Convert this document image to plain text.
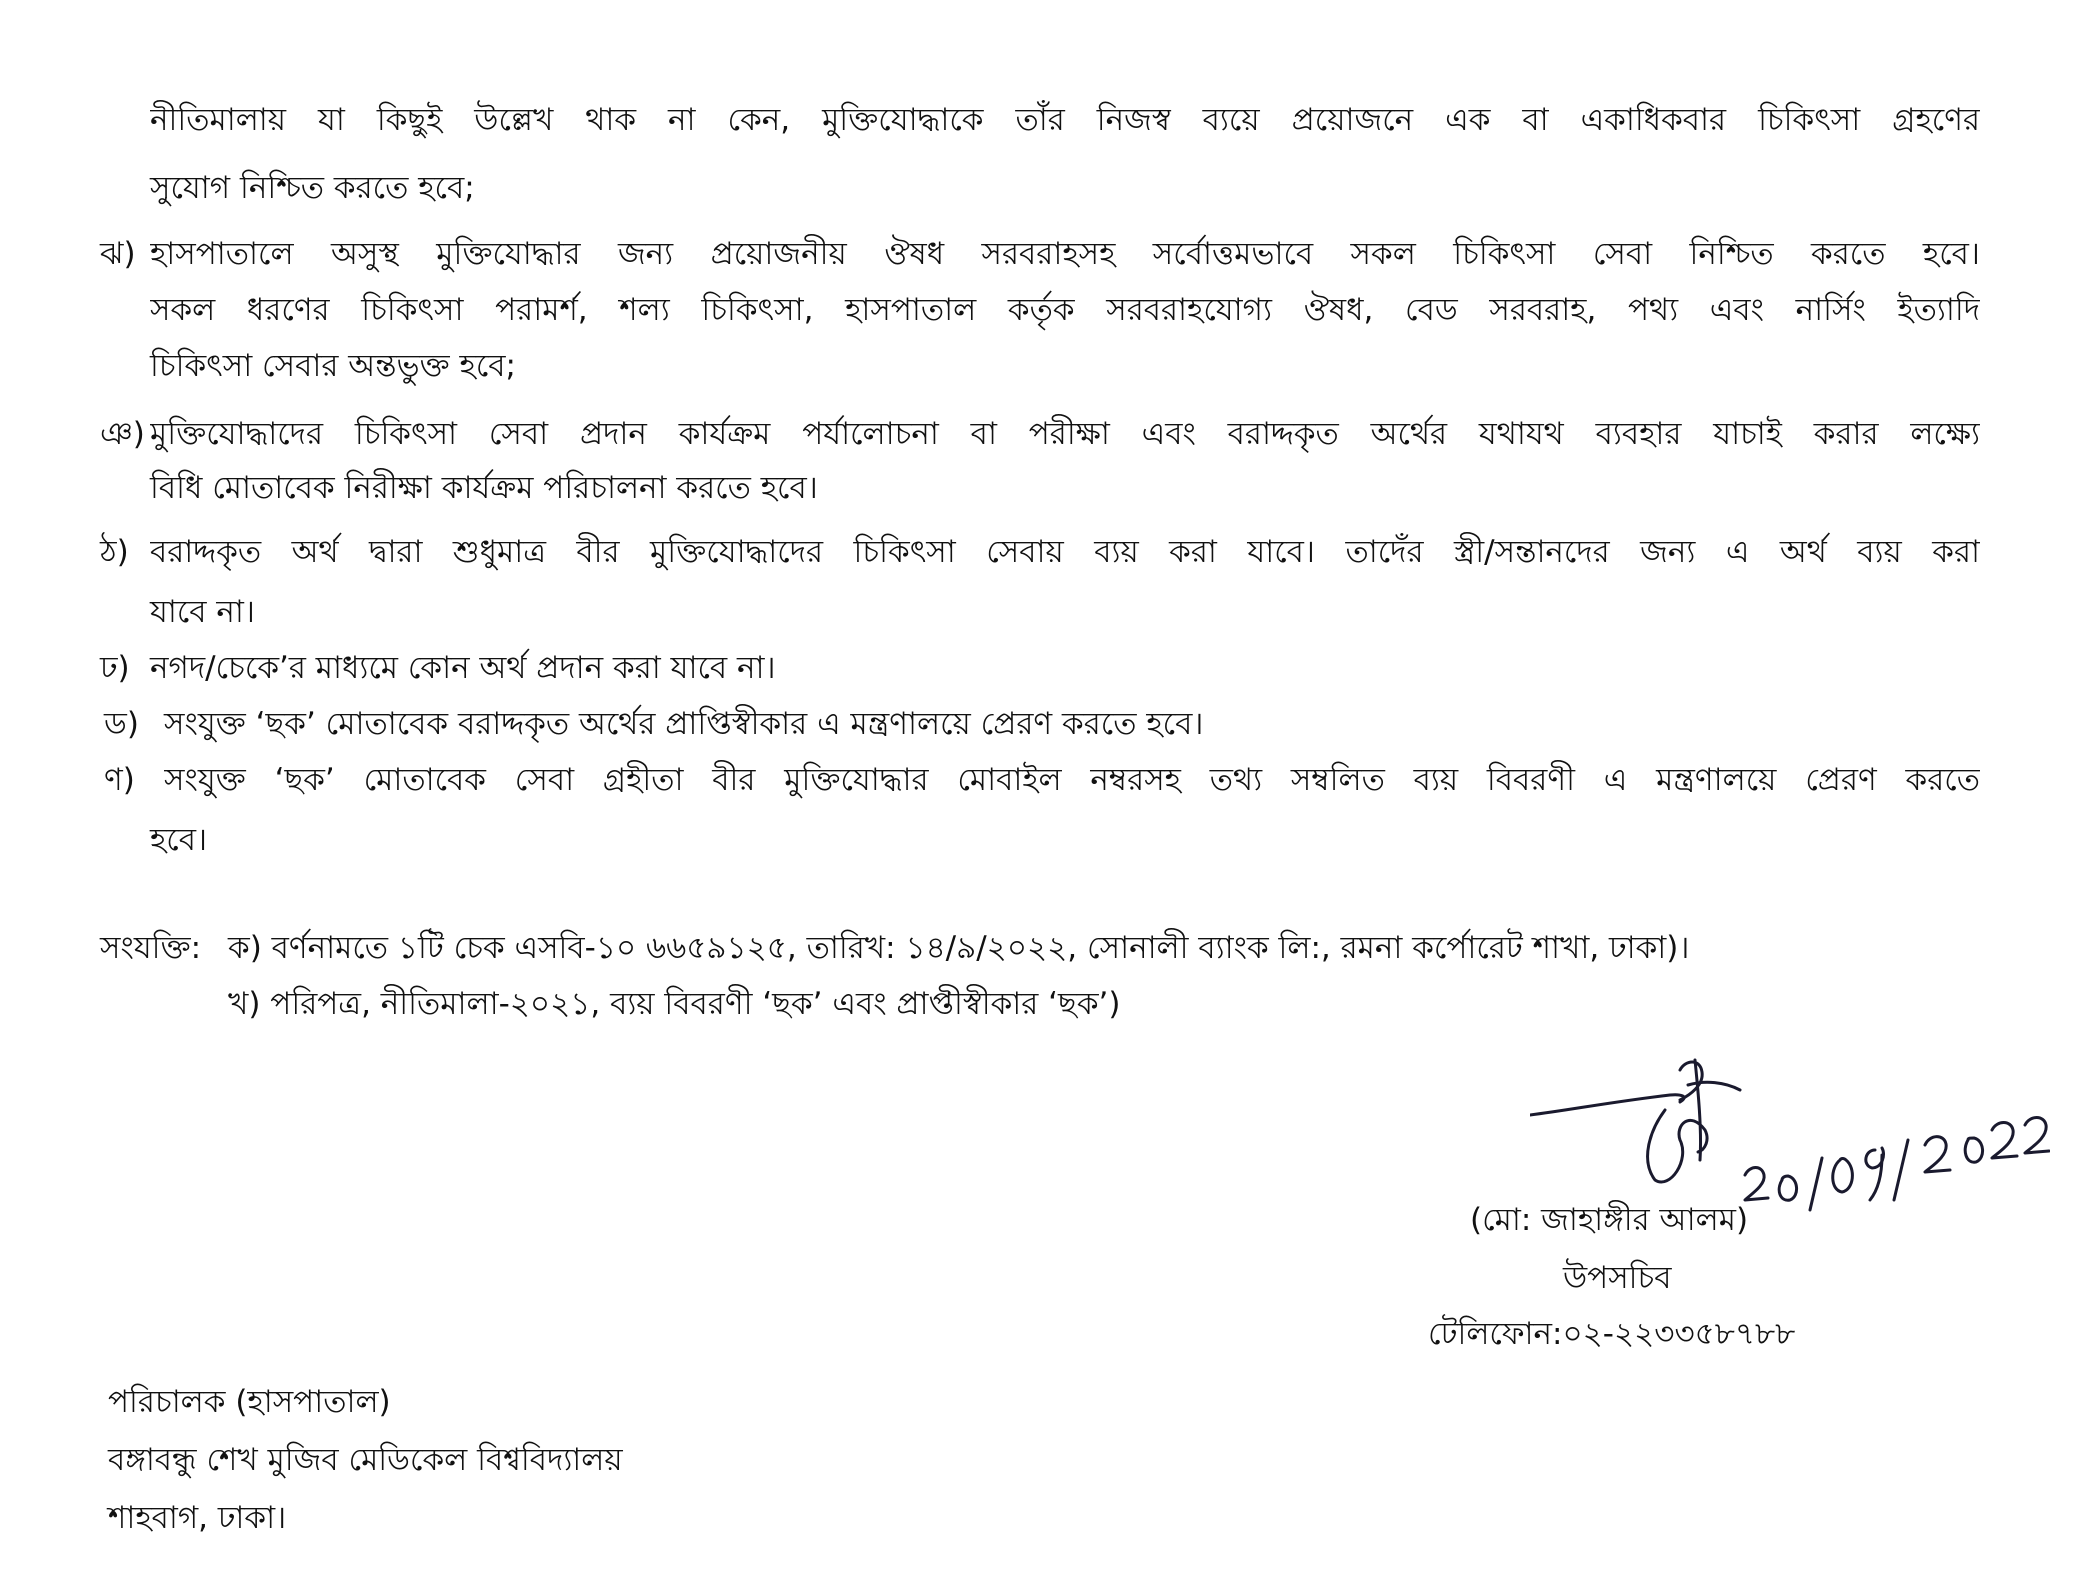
নীতিমালায় যা কিছুই উল্লেখ থাক না কেন, মুক্তিযোদ্ধাকে তাঁর নিজস্ব ব্যয়ে প্রয়োজনে এক বা একাধিকবার চিকিৎসা গ্রহণের
সুযোগ নিশ্চিত করতে হবে;
ঝ) হাসপাতালে অসুস্থ মুক্তিযোদ্ধার জন্য প্রয়োজনীয় ঔষধ সরবরাহসহ সর্বোত্তমভাবে সকল চিকিৎসা সেবা নিশ্চিত করতে হবে।
সকল ধরণের চিকিৎসা পরামর্শ, শল্য চিকিৎসা, হাসপাতাল কর্তৃক সরবরাহযোগ্য ঔষধ, বেড সরবরাহ, পথ্য এবং নার্সিং ইত্যাদি
চিকিৎসা সেবার অন্তভুক্ত হবে;
ঞ) মুক্তিযোদ্ধাদের চিকিৎসা সেবা প্রদান কার্যক্রম পর্যালোচনা বা পরীক্ষা এবং বরাদ্দকৃত অর্থের যথাযথ ব্যবহার যাচাই করার লক্ষ্যে
বিধি মোতাবেক নিরীক্ষা কার্যক্রম পরিচালনা করতে হবে।
ঠ) বরাদ্দকৃত অর্থ দ্বারা শুধুমাত্র বীর মুক্তিযোদ্ধাদের চিকিৎসা সেবায় ব্যয় করা যাবে। তাদেঁর স্ত্রী/সন্তানদের জন্য এ অর্থ ব্যয় করা
যাবে না।
ঢ) নগদ/চেকে’র মাধ্যমে কোন অর্থ প্রদান করা যাবে না।
ড) সংযুক্ত ‘ছক’ মোতাবেক বরাদ্দকৃত অর্থের প্রাপ্তিস্বীকার এ মন্ত্রণালয়ে প্রেরণ করতে হবে।
ণ) সংযুক্ত ‘ছক’ মোতাবেক সেবা গ্রহীতা বীর মুক্তিযোদ্ধার মোবাইল নম্বরসহ তথ্য সম্বলিত ব্যয় বিবরণী এ মন্ত্রণালয়ে প্রেরণ করতে
হবে।
সংযক্তি: ক) বর্ণনামতে ১টি চেক এসবি-১০ ৬৬৫৯১২৫, তারিখ: ১৪/৯/২০২২, সোনালী ব্যাংক লি:, রমনা কর্পোরেট শাখা, ঢাকা)।
খ) পরিপত্র, নীতিমালা-২০২১, ব্যয় বিবরণী ‘ছক’ এবং প্রাপ্তীস্বীকার ‘ছক’)
(মো: জাহাঙ্গীর আলম)
উপসচিব
টেলিফোন:০২-২২৩৩৫৮৭৮৮
পরিচালক (হাসপাতাল)
বঙ্গাবন্ধু শেখ মুজিব মেডিকেল বিশ্ববিদ্যালয়
শাহবাগ, ঢাকা।
